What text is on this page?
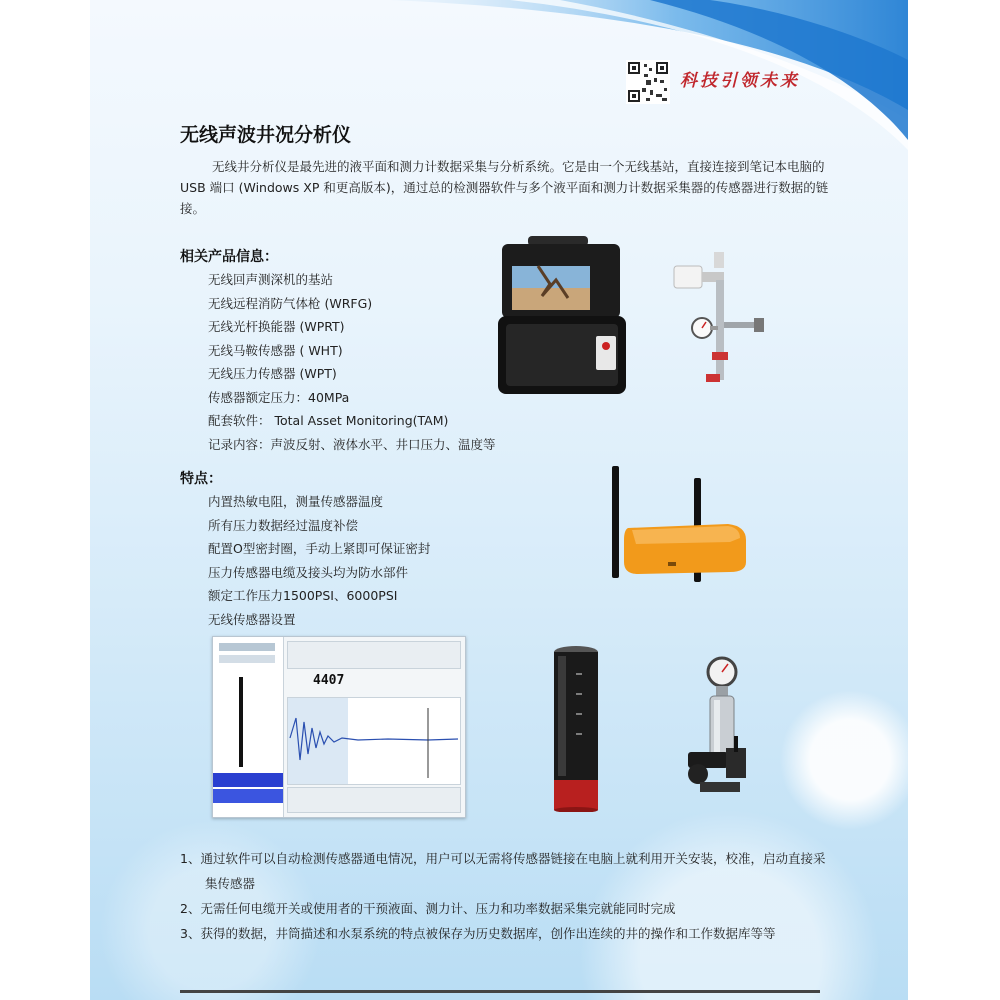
科技引领未来
无线声波井况分析仪
无线井分析仪是最先进的液平面和测力计数据采集与分析系统。它是由一个无线基站，直接连接到笔记本电脑的 USB 端口 (Windows XP 和更高版本)，通过总的检测器软件与多个液平面和测力计数据采集器的传感器进行数据的链接。
相关产品信息：
无线回声测深机的基站
无线远程消防气体枪 (WRFG)
无线光杆换能器 (WPRT)
无线马鞍传感器 ( WHT)
无线压力传感器 (WPT)
传感器额定压力：40MPa
配套软件： Total Asset Monitoring(TAM)
记录内容：声波反射、液体水平、井口压力、温度等
特点：
内置热敏电阻，测量传感器温度
所有压力数据经过温度补偿
配置O型密封圈，手动上紧即可保证密封
压力传感器电缆及接头均为防水部件
额定工作压力1500PSI、6000PSI
无线传感器设置
4407
1、通过软件可以自动检测传感器通电情况，用户可以无需将传感器链接在电脑上就利用开关安装，校准，启动直接采集传感器
2、无需任何电缆开关或使用者的干预液面、测力计、压力和功率数据采集完就能同时完成
3、获得的数据，井筒描述和水泵系统的特点被保存为历史数据库，创作出连续的井的操作和工作数据库等等
